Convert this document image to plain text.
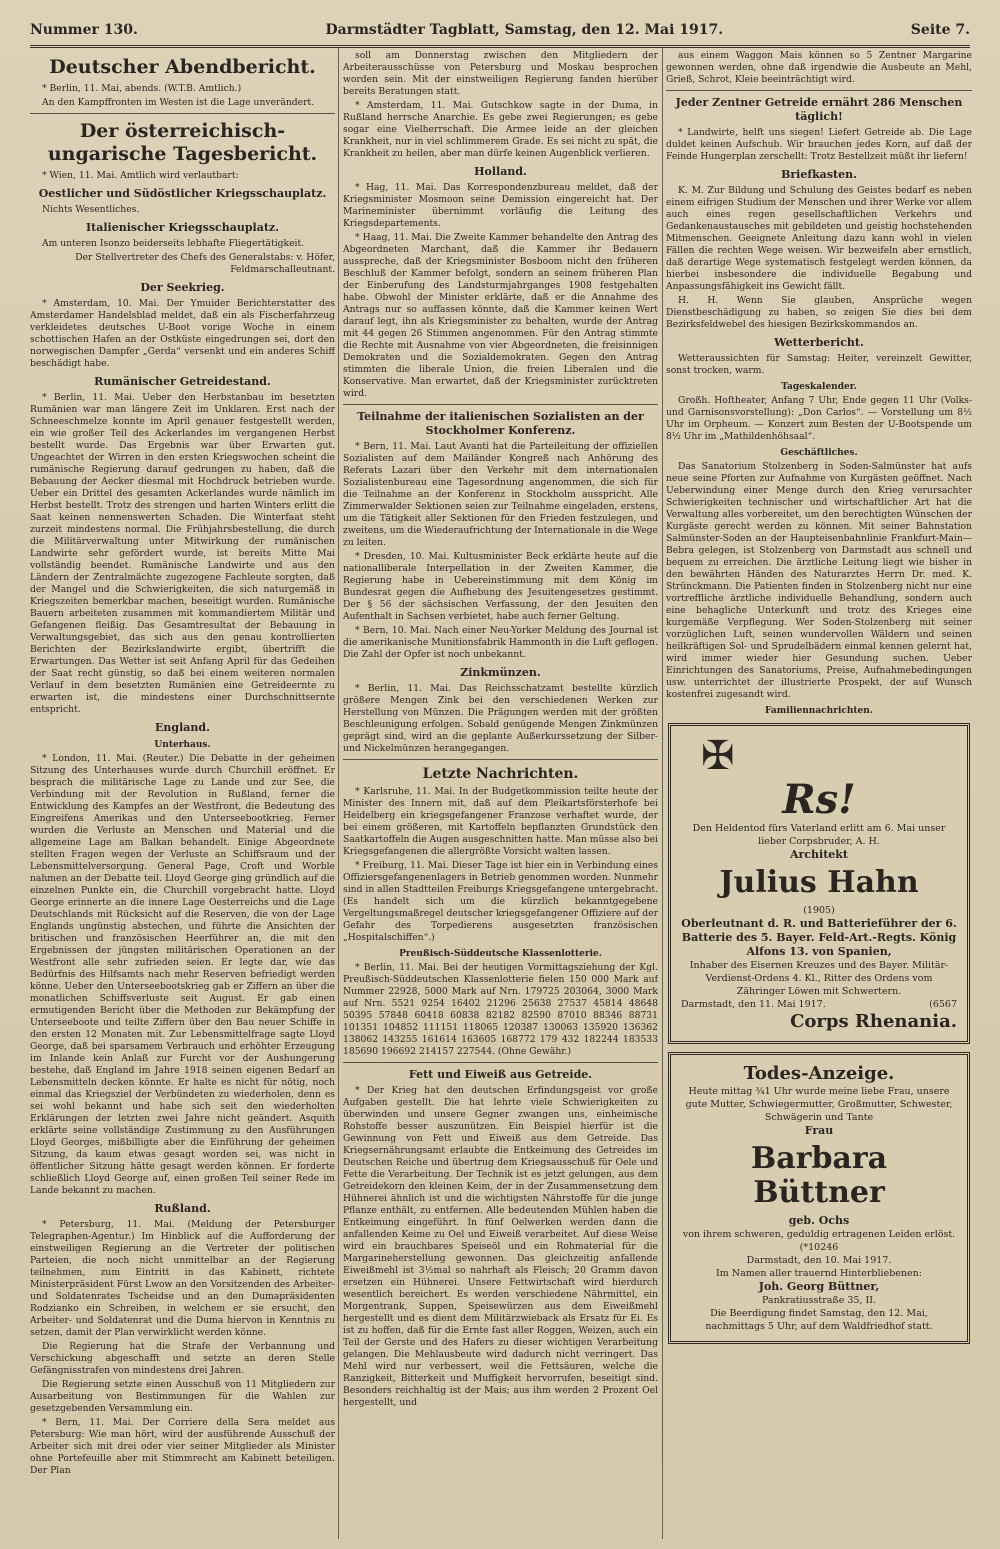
Nummer 130.	Darmstädter Tagblatt, Samstag, den 12. Mai 1917.	Seite 7.
Deutscher Abendbericht.

* Berlin, 11. Mai, abends. (W.T.B. Amtlich.)

An den Kampffronten im Westen ist die Lage unverändert.

Der österreichisch-ungarische Tagesbericht.

* Wien, 11. Mai. Amtlich wird verlautbart:

Oestlicher und Südöstlicher Kriegsschauplatz.

Nichts Wesentliches.

Italienischer Kriegsschauplatz.

Am unteren Isonzo beiderseits lebhafte Fliegertätigkeit.

Der Stellvertreter des Chefs des Generalstabs: v. Höfer, Feldmarschalleutnant.

Der Seekrieg.

* Amsterdam, 10. Mai. Der Ymuider Berichterstatter des Amsterdamer Handelsblad meldet, daß ein als Fischerfahrzeug verkleidetes deutsches U-Boot vorige Woche in einem schottischen Hafen an der Ostküste eingedrungen sei, dort den norwegischen Dampfer „Gerda“ versenkt und ein anderes Schiff beschädigt habe.

Rumänischer Getreidestand.

* Berlin, 11. Mai. Ueber den Herbstanbau im besetzten Rumänien war man längere Zeit im Unklaren. Erst nach der Schneeschmelze konnte im April genauer festgestellt werden, ein wie großer Teil des Ackerlandes im vergangenen Herbst bestellt wurde. Das Ergebnis war über Erwarten gut. Ungeachtet der Wirren in den ersten Kriegswochen scheint die rumänische Regierung darauf gedrungen zu haben, daß die Bebauung der Aecker diesmal mit Hochdruck betrieben wurde. Ueber ein Drittel des gesamten Ackerlandes wurde nämlich im Herbst bestellt. Trotz des strengen und harten Winters erlitt die Saat keinen nennenswerten Schaden. Die Winterfaat steht zurzeit mindestens normal. Die Frühjahrsbestellung, die durch die Militärverwaltung unter Mitwirkung der rumänischen Landwirte sehr gefördert wurde, ist bereits Mitte Mai vollständig beendet. Rumänische Landwirte und aus den Ländern der Zentralmächte zugezogene Fachleute sorgten, daß der Mangel und die Schwierigkeiten, die sich naturgemäß in Kriegszeiten bemerkbar machen, beseitigt wurden. Rumänische Bauern arbeiteten zusammen mit kommandiertem Militär und Gefangenen fleißig. Das Gesamtresultat der Bebauung in Verwaltungsgebiet, das sich aus den genau kontrollierten Berichten der Bezirkslandwirte ergibt, übertrifft die Erwartungen. Das Wetter ist seit Anfang April für das Gedeihen der Saat recht günstig, so daß bei einem weiteren normalen Verlauf in dem besetzten Rumänien eine Getreideernte zu erwarten ist, die mindestens einer Durchschnittsernte entspricht.

England.
Unterhaus.

* London, 11. Mai. (Reuter.) Die Debatte in der geheimen Sitzung des Unterhauses wurde durch Churchill eröffnet. Er besprach die militärische Lage zu Lande und zur See, die Verbindung mit der Revolution in Rußland, ferner die Entwicklung des Kampfes an der Westfront, die Bedeutung des Eingreifens Amerikas und den Unterseebootkrieg. Ferner wurden die Verluste an Menschen und Material und die allgemeine Lage am Balkan behandelt. Einige Abgeordnete stellten Fragen wegen der Verluste an Schiffsraum und der Lebensmittelversorgung. General Page, Croft und Worble nahmen an der Debatte teil. Lloyd George ging gründlich auf die einzelnen Punkte ein, die Churchill vorgebracht hatte. Lloyd George erinnerte an die innere Lage Oesterreichs und die Lage Deutschlands mit Rücksicht auf die Reserven, die von der Lage Englands ungünstig abstechen, und führte die Ansichten der britischen und französischen Heerführer an, die mit den Ergebnissen der jüngsten militärischen Operationen an der Westfront alle sehr zufrieden seien. Er legte dar, wie das Bedürfnis des Hilfsamts nach mehr Reserven befriedigt werden könne. Ueber den Unterseebootskrieg gab er Ziffern an über die monatlichen Schiffsverluste seit August. Er gab einen ermutigenden Bericht über die Methoden zur Bekämpfung der Unterseeboote und teilte Ziffern über den Bau neuer Schiffe in den ersten 12 Monaten mit. Zur Lebensmittelfrage sagte Lloyd George, daß bei sparsamem Verbrauch und erhöhter Erzeugung im Inlande kein Anlaß zur Furcht vor der Aushungerung bestehe, daß England im Jahre 1918 seinen eigenen Bedarf an Lebensmitteln decken könnte. Er halte es nicht für nötig, noch einmal das Kriegsziel der Verbündeten zu wiederholen, denn es sei wohl bekannt und habe sich seit den wiederholten Erklärungen der letzten zwei Jahre nicht geändert. Asquith erklärte seine vollständige Zustimmung zu den Ausführungen Lloyd Georges, mißbilligte aber die Einführung der geheimen Sitzung, da kaum etwas gesagt worden sei, was nicht in öffentlicher Sitzung hätte gesagt werden können. Er forderte schließlich Lloyd George auf, einen großen Teil seiner Rede im Lande bekannt zu machen.

Rußland.

* Petersburg, 11. Mai. (Meldung der Petersburger Telegraphen-Agentur.) Im Hinblick auf die Aufforderung der einstweiligen Regierung an die Vertreter der politischen Parteien, die noch nicht unmittelbar an der Regierung teilnehmen, zum Eintritt in das Kabinett, richtete Ministerpräsident Fürst Lwow an den Vorsitzenden des Arbeiter- und Soldatenrates Tscheidse und an den Dumapräsidenten Rodzianko ein Schreiben, in welchem er sie ersucht, den Arbeiter- und Soldatenrat und die Duma hiervon in Kenntnis zu setzen, damit der Plan verwirklicht werden könne.

Die Regierung hat die Strafe der Verbannung und Verschickung abgeschafft und setzte an deren Stelle Gefängnisstrafen von mindestens drei Jahren.

Die Regierung setzte einen Ausschuß von 11 Mitgliedern zur Ausarbeitung von Bestimmungen für die Wahlen zur gesetzgebenden Versammlung ein.

* Bern, 11. Mai. Der Corriere della Sera meldet aus Petersburg: Wie man hört, wird der ausführende Ausschuß der Arbeiter sich mit drei oder vier seiner Mitglieder als Minister ohne Portefeuille aber mit Stimmrecht am Kabinett beteiligen. Der Plan

soll am Donnerstag zwischen den Mitgliedern der Arbeiterausschüsse von Petersburg und Moskau besprochen worden sein. Mit der einstweiligen Regierung fanden hierüber bereits Beratungen statt.

* Amsterdam, 11. Mai. Gutschkow sagte in der Duma, in Rußland herrsche Anarchie. Es gebe zwei Regierungen; es gebe sogar eine Vielherrschaft. Die Armee leide an der gleichen Krankheit, nur in viel schlimmerem Grade. Es sei nicht zu spät, die Krankheit zu heilen, aber man dürfe keinen Augenblick verlieren.

Holland.

* Hag, 11. Mai. Das Korrespondenzbureau meldet, daß der Kriegsminister Mosmoon seine Demission eingereicht hat. Der Marineminister übernimmt vorläufig die Leitung des Kriegsdepartements.

* Haag, 11. Mai. Die Zweite Kammer behandelte den Antrag des Abgeordneten Marchant, daß die Kammer ihr Bedauern ausspreche, daß der Kriegsminister Bosboom nicht den früheren Beschluß der Kammer befolgt, sondern an seinem früheren Plan der Einberufung des Landsturmjahrganges 1908 festgehalten habe. Obwohl der Minister erklärte, daß er die Annahme des Antrags nur so auffassen könnte, daß die Kammer keinen Wert darauf legt, ihn als Kriegsminister zu behalten, wurde der Antrag mit 44 gegen 26 Stimmen angenommen. Für den Antrag stimmte die Rechte mit Ausnahme von vier Abgeordneten, die freisinnigen Demokraten und die Sozialdemokraten. Gegen den Antrag stimmten die liberale Union, die freien Liberalen und die Konservative. Man erwartet, daß der Kriegsminister zurücktreten wird.

Teilnahme der italienischen Sozialisten an der Stockholmer Konferenz.

* Bern, 11. Mai. Laut Avanti hat die Parteileitung der offiziellen Sozialisten auf dem Mailänder Kongreß nach Anhörung des Referats Lazari über den Verkehr mit dem internationalen Sozialistenbureau eine Tagesordnung angenommen, die sich für die Teilnahme an der Konferenz in Stockholm ausspricht. Alle Zimmerwalder Sektionen seien zur Teilnahme eingeladen, erstens, um die Tätigkeit aller Sektionen für den Frieden festzulegen, und zweitens, um die Wiederaufrichtung der Internationale in die Wege zu leiten.

* Dresden, 10. Mai. Kultusminister Beck erklärte heute auf die nationalliberale Interpellation in der Zweiten Kammer, die Regierung habe in Uebereinstimmung mit dem König im Bundesrat gegen die Aufhebung des Jesuitengesetzes gestimmt. Der § 56 der sächsischen Verfassung, der den Jesuiten den Aufenthalt in Sachsen verbietet, habe auch ferner Geltung.

* Bern, 10. Mai. Nach einer Neu-Yorker Meldung des Journal ist die amerikanische Munitionsfabrik Hammonth in die Luft geflogen. Die Zahl der Opfer ist noch unbekannt.

Zinkmünzen.

* Berlin, 11. Mai. Das Reichsschatzamt bestellte kürzlich größere Mengen Zink bei den verschiedenen Werken zur Herstellung von Münzen. Die Prägungen werden mit der größten Beschleunigung erfolgen. Sobald genügende Mengen Zinkmünzen geprägt sind, wird an die geplante Außerkurssetzung der Silber- und Nickelmünzen herangegangen.

Letzte Nachrichten.

* Karlsruhe, 11. Mai. In der Budgetkommission teilte heute der Minister des Innern mit, daß auf dem Pleikartsförsterhofe bei Heidelberg ein kriegsgefangener Franzose verhaftet wurde, der bei einem größeren, mit Kartoffeln bepflanzten Grundstück den Saatkartoffeln die Augen ausgeschnitten hatte. Man müsse also bei Kriegsgefangenen die allergrößte Vorsicht walten lassen.

* Freiburg, 11. Mai. Dieser Tage ist hier ein in Verbindung eines Offiziersgefangenenlagers in Betrieb genommen worden. Nunmehr sind in allen Stadtteilen Freiburgs Kriegsgefangene untergebracht. (Es handelt sich um die kürzlich bekanntgegebene Vergeltungsmaßregel deutscher kriegsgefangener Offiziere auf der Gefahr des Torpedierens ausgesetzten französischen „Hospitalschiffen“.)

Preußisch-Süddeutsche Klassenlotterie.

* Berlin, 11. Mai. Bei der heutigen Vormittagsziehung der Kgl. Preußisch-Süddeutschen Klassenlotterie fielen 150 000 Mark auf Nummer 22928, 5000 Mark auf Nrn. 179725 203064, 3000 Mark auf Nrn. 5521 9254 16402 21296 25638 27537 45814 48648 50395 57848 60418 60838 82182 82590 87010 88346 88731 101351 104852 111151 118065 120387 130063 135920 136362 138062 143255 161614 163605 168772 179 432 182244 183533 185690 196692 214157 227544. (Ohne Gewähr.)

Fett und Eiweiß aus Getreide.

* Der Krieg hat den deutschen Erfindungsgeist vor große Aufgaben gestellt. Die hat lehrte viele Schwierigkeiten zu überwinden und unsere Gegner zwangen uns, einheimische Rohstoffe besser auszunützen. Ein Beispiel hierfür ist die Gewinnung von Fett und Eiweiß aus dem Getreide. Das Kriegsernährungsamt erlaubte die Entkeimung des Getreides im Deutschen Reiche und übertrug dem Kriegsausschuß für Oele und Fette die Verarbeitung. Der Technik ist es jetzt gelungen, aus dem Getreidekorn den kleinen Keim, der in der Zusammensetzung dem Hühnerei ähnlich ist und die wichtigsten Nährstoffe für die junge Pflanze enthält, zu entfernen. Alle bedeutenden Mühlen haben die Entkeimung eingeführt. In fünf Oelwerken werden dann die anfallenden Keime zu Oel und Eiweiß verarbeitet. Auf diese Weise wird ein brauchbares Speiseöl und ein Rohmaterial für die Margarineherstellung gewonnen. Das gleichzeitig anfallende Eiweißmehl ist 3½mal so nahrhaft als Fleisch; 20 Gramm davon ersetzen ein Hühnerei. Unsere Fettwirtschaft wird hierdurch wesentlich bereichert. Es werden verschiedene Nährmittel, ein Morgentrank, Suppen, Speisewürzen aus dem Eiweißmehl hergestellt und es dient dem Militärzwieback als Ersatz für Ei. Es ist zu hoffen, daß für die Ernte fast aller Roggen, Weizen, auch ein Teil der Gerste und des Hafers zu dieser wichtigen Verarbeitung gelangen. Die Mehlausbeute wird dadurch nicht verringert. Das Mehl wird nur verbessert, weil die Fettsäuren, welche die Ranzigkeit, Bitterkeit und Muffigkeit hervorrufen, beseitigt sind. Besonders reichhaltig ist der Mais; aus ihm werden 2 Prozent Oel hergestellt, und

aus einem Waggon Mais können so 5 Zentner Margarine gewonnen werden, ohne daß irgendwie die Ausbeute an Mehl, Grieß, Schrot, Kleie beeinträchtigt wird.

Jeder Zentner Getreide ernährt 286 Menschen täglich!

* Landwirte, helft uns siegen! Liefert Getreide ab. Die Lage duldet keinen Aufschub. Wir brauchen jedes Korn, auf daß der Feinde Hungerplan zerschellt: Trotz Bestellzeit müßt ihr liefern!

Briefkasten.

K. M. Zur Bildung und Schulung des Geistes bedarf es neben einem eifrigen Studium der Menschen und ihrer Werke vor allem auch eines regen gesellschaftlichen Verkehrs und Gedankenaustausches mit gebildeten und geistig hochstehenden Mitmenschen. Geeignete Anleitung dazu kann wohl in vielen Fällen die rechten Wege weisen. Wir bezweifeln aber ernstlich, daß derartige Wege systematisch festgelegt werden können, da hierbei insbesondere die individuelle Begabung und Anpassungsfähigkeit ins Gewicht fällt.

H. H. Wenn Sie glauben, Ansprüche wegen Dienstbeschädigung zu haben, so zeigen Sie dies bei dem Bezirksfeldwebel des hiesigen Bezirkskommandos an.

Wetterbericht.

Wetteraussichten für Samstag: Heiter, vereinzelt Gewitter, sonst trocken, warm.

Tageskalender.

Großh. Hoftheater, Anfang 7 Uhr, Ende gegen 11 Uhr (Volks- und Garnisonsvorstellung): „Don Carlos“. — Vorstellung um 8½ Uhr im Orpheum. — Konzert zum Besten der U-Bootspende um 8½ Uhr im „Mathildenhöhsaal“.

Geschäftliches.

Das Sanatorium Stolzenberg in Soden-Salmünster hat aufs neue seine Pforten zur Aufnahme von Kurgästen geöffnet. Nach Ueberwindung einer Menge durch den Krieg verursachter Schwierigkeiten technischer und wirtschaftlicher Art hat die Verwaltung alles vorbereitet, um den berechtigten Wünschen der Kurgäste gerecht werden zu können. Mit seiner Bahnstation Salmünster-Soden an der Haupteisenbahnlinie Frankfurt-Main—Bebra gelegen, ist Stolzenberg von Darmstadt aus schnell und bequem zu erreichen. Die ärztliche Leitung liegt wie bisher in den bewährten Händen des Naturarztes Herrn Dr. med. K. Strünckmann. Die Patienten finden in Stolzenberg nicht nur eine vortreffliche ärztliche individuelle Behandlung, sondern auch eine behagliche Unterkunft und trotz des Krieges eine kurgemäße Verpflegung. Wer Soden-Stolzenberg mit seiner vorzüglichen Luft, seinen wundervollen Wäldern und seinen heilkräftigen Sol- und Sprudelbädern einmal kennen gelernt hat, wird immer wieder hier Gesundung suchen. Ueber Einrichtungen des Sanatoriums, Preise, Aufnahmebedingungen usw. unterrichtet der illustrierte Prospekt, der auf Wunsch kostenfrei zugesandt wird.

Familiennachrichten.
✠
Rs!
Den Heldentod fürs Vaterland erlitt am 6. Mai unser lieber Corpsbruder, A. H.
Architekt
Julius Hahn
(1905)
Oberleutnant d. R. und Batterieführer der 6. Batterie des 5. Bayer. Feld-Art.-Regts. König Alfons 13. von Spanien,
Inhaber des Eisernen Kreuzes und des Bayer. Militär-Verdienst-Ordens 4. Kl., Ritter des Ordens vom Zähringer Löwen mit Schwertern.
Darmstadt, den 11. Mai 1917.	(6567
Corps Rhenania.
Todes-Anzeige.
Heute mittag ¾1 Uhr wurde meine liebe Frau, unsere gute Mutter, Schwiegermutter, Großmutter, Schwester, Schwägerin und Tante
Frau
Barbara Büttner
geb. Ochs
von ihrem schweren, geduldig ertragenen Leiden erlöst. (*10246
Darmstadt, den 10. Mai 1917.
Im Namen aller trauernd Hinterbliebenen:
Joh. Georg Büttner,
Pankratiusstraße 35, II.
Die Beerdigung findet Samstag, den 12. Mai, nachmittags 5 Uhr, auf dem Waldfriedhof statt.
